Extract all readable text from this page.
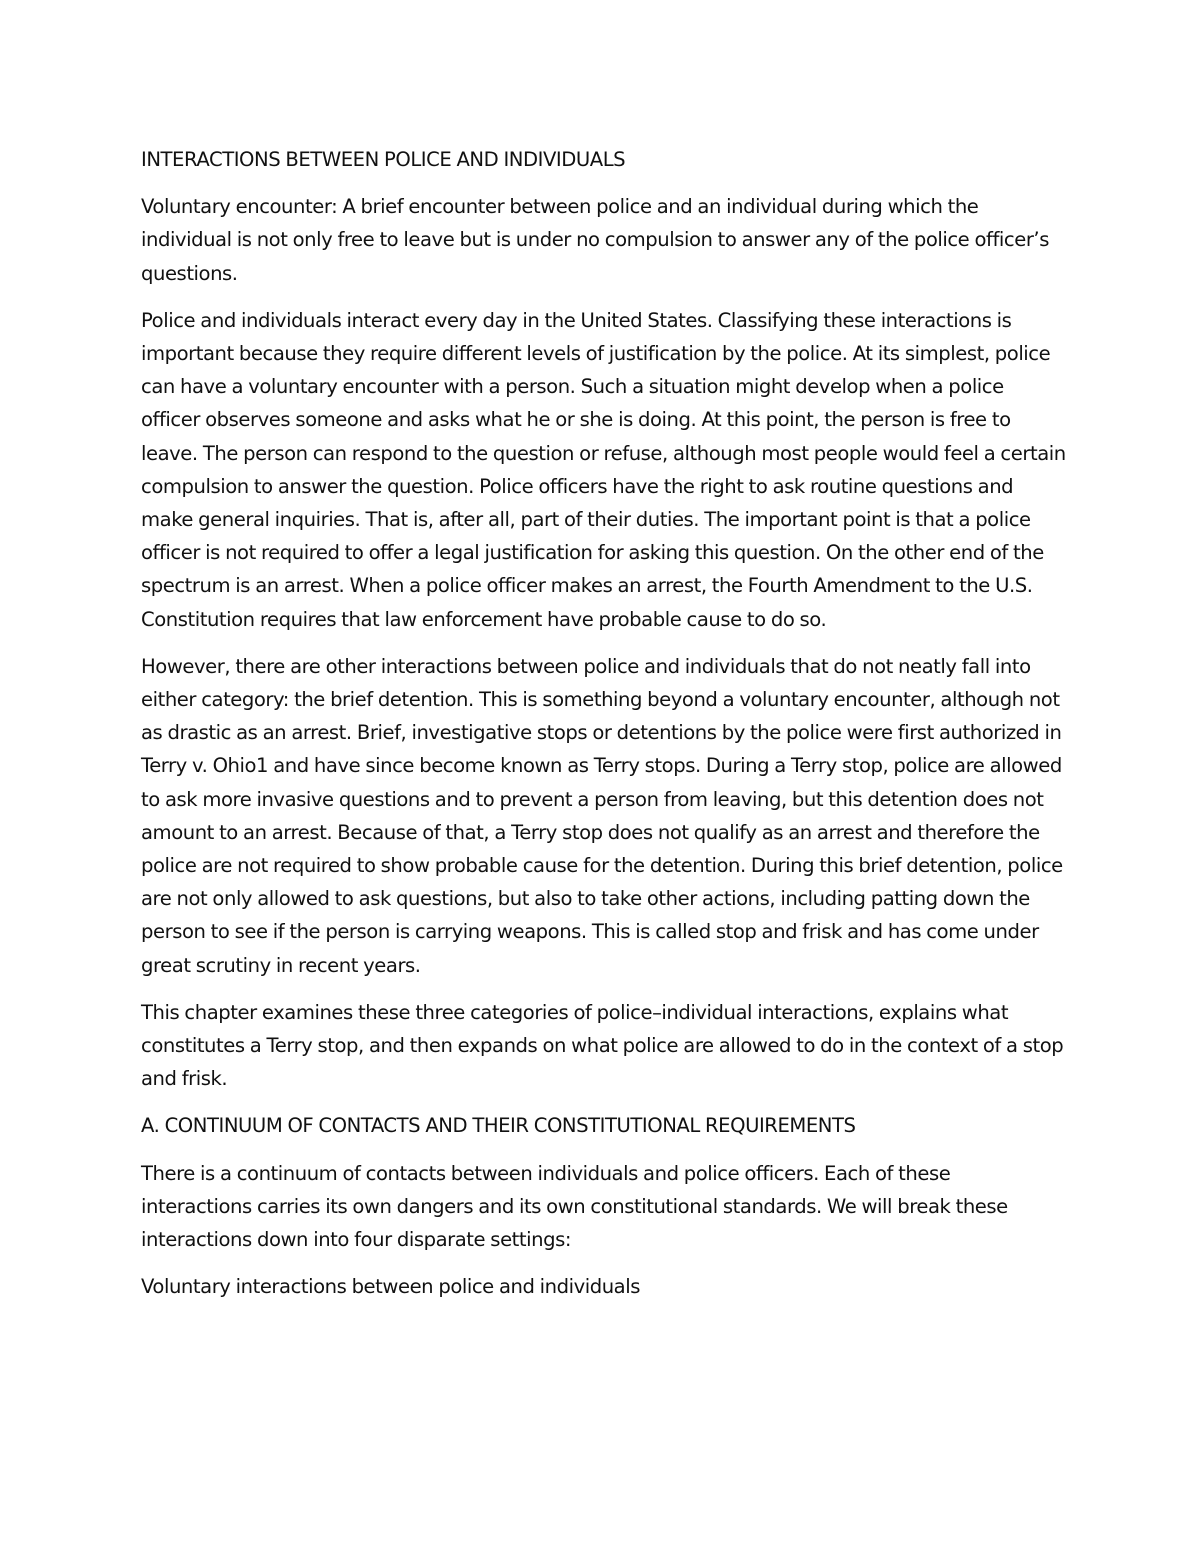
INTERACTIONS BETWEEN POLICE AND INDIVIDUALS

Voluntary encounter: A brief encounter between police and an individual during which the individual is not only free to leave but is under no compulsion to answer any of the police officer’s questions.

Police and individuals interact every day in the United States. Classifying these interactions is important because they require different levels of justification by the police. At its simplest, police can have a voluntary encounter with a person. Such a situation might develop when a police officer observes someone and asks what he or she is doing. At this point, the person is free to leave. The person can respond to the question or refuse, although most people would feel a certain compulsion to answer the question. Police officers have the right to ask routine questions and make general inquiries. That is, after all, part of their duties. The important point is that a police officer is not required to offer a legal justification for asking this question. On the other end of the spectrum is an arrest. When a police officer makes an arrest, the Fourth Amendment to the U.S. Constitution requires that law enforcement have probable cause to do so.

However, there are other interactions between police and individuals that do not neatly fall into either category: the brief detention. This is something beyond a voluntary encounter, although not as drastic as an arrest. Brief, investigative stops or detentions by the police were first authorized in Terry v. Ohio1 and have since become known as Terry stops. During a Terry stop, police are allowed to ask more invasive questions and to prevent a person from leaving, but this detention does not amount to an arrest. Because of that, a Terry stop does not qualify as an arrest and therefore the police are not required to show probable cause for the detention. During this brief detention, police are not only allowed to ask questions, but also to take other actions, including patting down the person to see if the person is carrying weapons. This is called stop and frisk and has come under great scrutiny in recent years.

This chapter examines these three categories of police–individual interactions, explains what constitutes a Terry stop, and then expands on what police are allowed to do in the context of a stop and frisk.

A. CONTINUUM OF CONTACTS AND THEIR CONSTITUTIONAL REQUIREMENTS

There is a continuum of contacts between individuals and police officers. Each of these interactions carries its own dangers and its own constitutional standards. We will break these interactions down into four disparate settings:

Voluntary interactions between police and individuals
